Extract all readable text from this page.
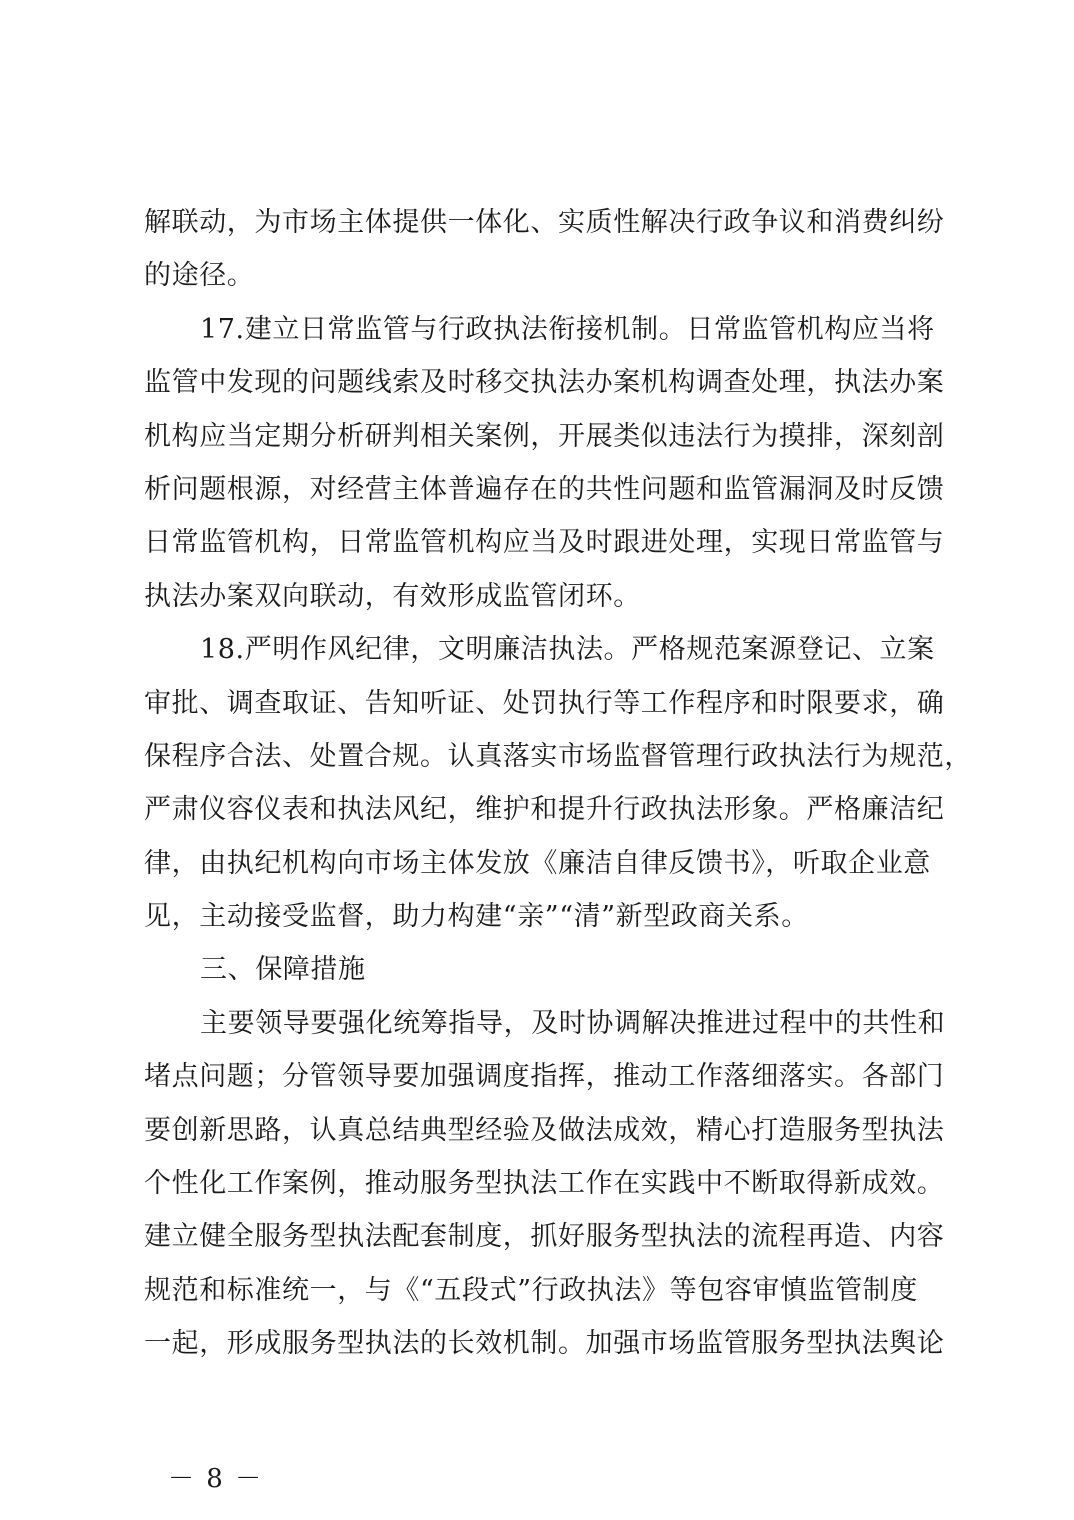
解联动，为市场主体提供一体化、实质性解决行政争议和消费纠纷
的途径。
17.建立日常监管与行政执法衔接机制。日常监管机构应当将
监管中发现的问题线索及时移交执法办案机构调查处理，执法办案
机构应当定期分析研判相关案例，开展类似违法行为摸排，深刻剖
析问题根源，对经营主体普遍存在的共性问题和监管漏洞及时反馈
日常监管机构，日常监管机构应当及时跟进处理，实现日常监管与
执法办案双向联动，有效形成监管闭环。
18.严明作风纪律，文明廉洁执法。严格规范案源登记、立案
审批、调查取证、告知听证、处罚执行等工作程序和时限要求，确
保程序合法、处置合规。认真落实市场监督管理行政执法行为规范，
严肃仪容仪表和执法风纪，维护和提升行政执法形象。严格廉洁纪
律，由执纪机构向市场主体发放《廉洁自律反馈书》，听取企业意
见，主动接受监督，助力构建“亲”“清”新型政商关系。
三、保障措施
主要领导要强化统筹指导，及时协调解决推进过程中的共性和
堵点问题；分管领导要加强调度指挥，推动工作落细落实。各部门
要创新思路，认真总结典型经验及做法成效，精心打造服务型执法
个性化工作案例，推动服务型执法工作在实践中不断取得新成效。
建立健全服务型执法配套制度，抓好服务型执法的流程再造、内容
规范和标准统一，与《“五段式”行政执法》等包容审慎监管制度
一起，形成服务型执法的长效机制。加强市场监管服务型执法舆论
－ 8 －
